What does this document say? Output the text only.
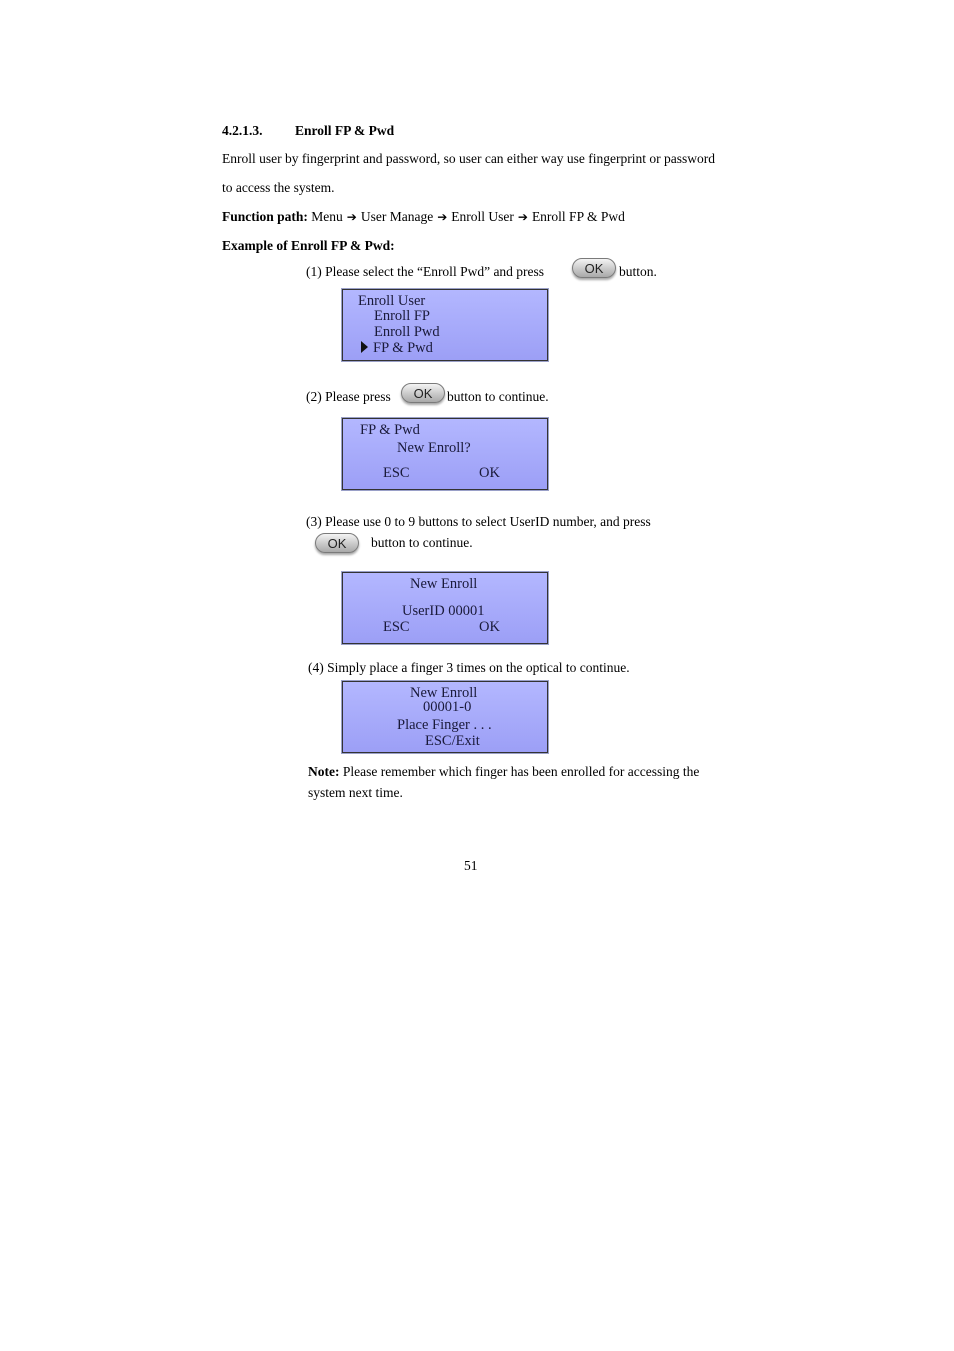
4.2.1.3. Enroll FP & Pwd
Enroll user by fingerprint and password, so user can either way use fingerprint or password
to access the system.
Function path: Menu ➔ User Manage ➔ Enroll User ➔ Enroll FP & Pwd
Example of Enroll FP & Pwd:
(1) Please select the “Enroll Pwd” and press	OK	button.
Enroll User
Enroll FP
Enroll Pwd
FP & Pwd
(2) Please press	OK	button to continue.
FP & Pwd
New Enroll?
ESC	OK
(3) Please use 0 to 9 buttons to select UserID number, and press
OK	button to continue.
New Enroll
UserID 00001
ESC	OK
(4) Simply place a finger 3 times on the optical to continue.
New Enroll
00001-0
Place Finger . . .
ESC/Exit
Note: Please remember which finger has been enrolled for accessing the
system next time.
51
